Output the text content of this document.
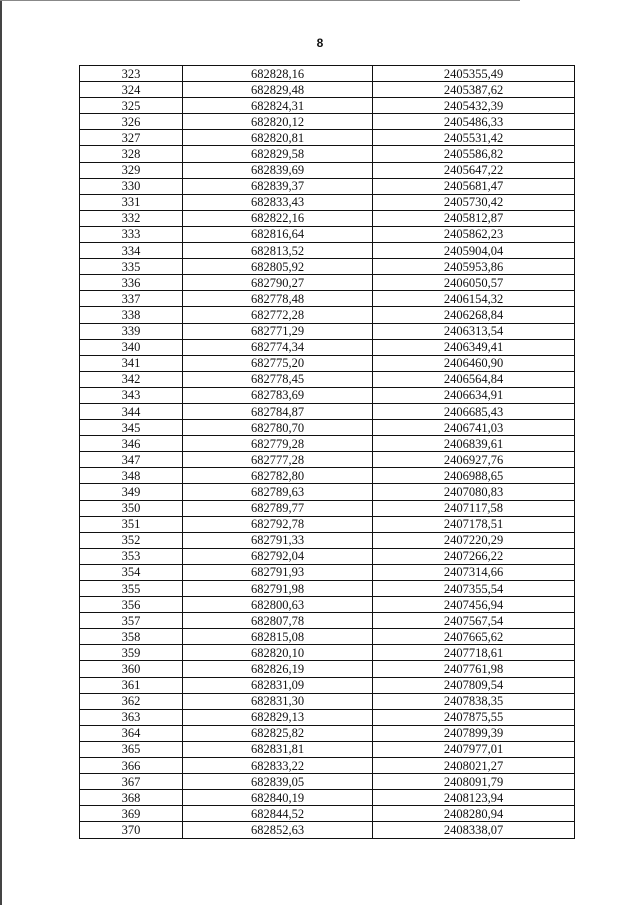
8
323	682828,16	2405355,49
324	682829,48	2405387,62
325	682824,31	2405432,39
326	682820,12	2405486,33
327	682820,81	2405531,42
328	682829,58	2405586,82
329	682839,69	2405647,22
330	682839,37	2405681,47
331	682833,43	2405730,42
332	682822,16	2405812,87
333	682816,64	2405862,23
334	682813,52	2405904,04
335	682805,92	2405953,86
336	682790,27	2406050,57
337	682778,48	2406154,32
338	682772,28	2406268,84
339	682771,29	2406313,54
340	682774,34	2406349,41
341	682775,20	2406460,90
342	682778,45	2406564,84
343	682783,69	2406634,91
344	682784,87	2406685,43
345	682780,70	2406741,03
346	682779,28	2406839,61
347	682777,28	2406927,76
348	682782,80	2406988,65
349	682789,63	2407080,83
350	682789,77	2407117,58
351	682792,78	2407178,51
352	682791,33	2407220,29
353	682792,04	2407266,22
354	682791,93	2407314,66
355	682791,98	2407355,54
356	682800,63	2407456,94
357	682807,78	2407567,54
358	682815,08	2407665,62
359	682820,10	2407718,61
360	682826,19	2407761,98
361	682831,09	2407809,54
362	682831,30	2407838,35
363	682829,13	2407875,55
364	682825,82	2407899,39
365	682831,81	2407977,01
366	682833,22	2408021,27
367	682839,05	2408091,79
368	682840,19	2408123,94
369	682844,52	2408280,94
370	682852,63	2408338,07
